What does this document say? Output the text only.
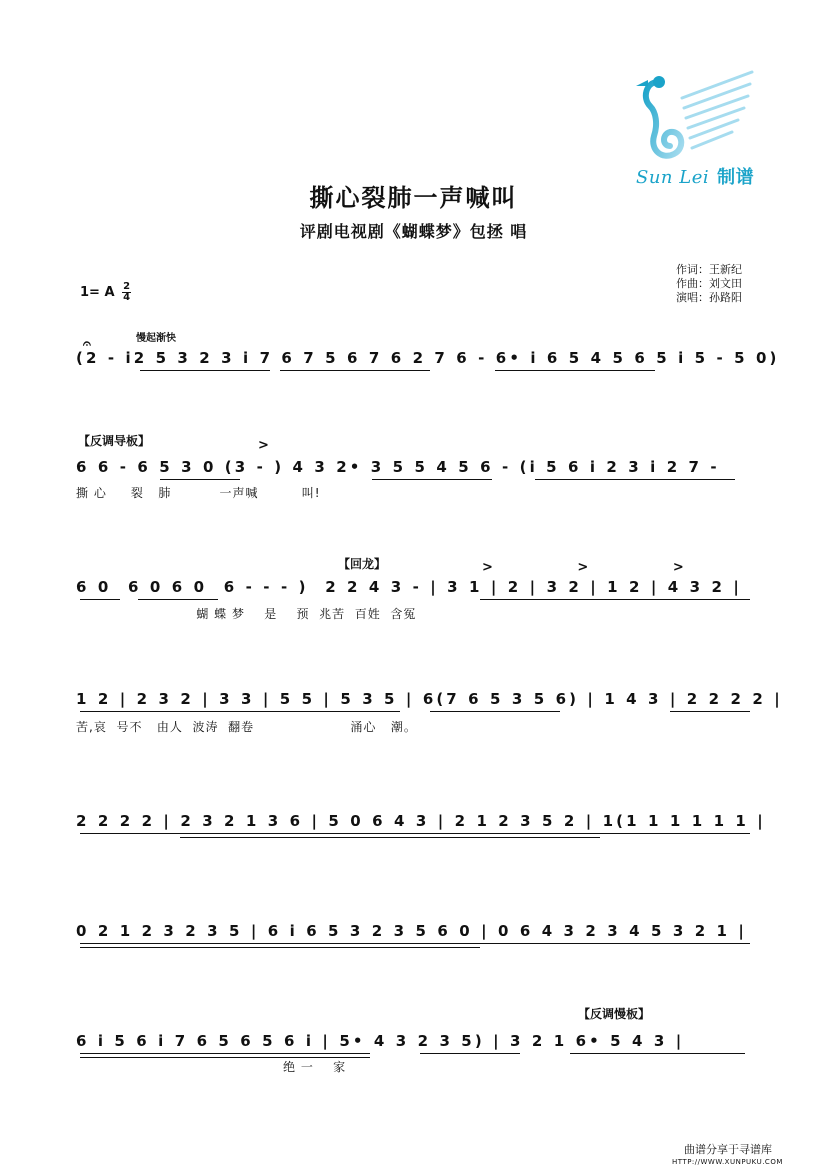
Sun Lei 制谱
撕心裂肺一声喊叫
评剧电视剧《蝴蝶梦》包拯 唱
作词：王新纪
作曲：刘文田
演唱：孙路阳
1= A $\frac{2}{4}$
慢起渐快
𝄐
(2 - i2 5 3 2 3 i 7 6 7 5 6 7 6 2 7 6 - 6• i 6 5 4 5 6 5 i 5 - 5 0)
【反调导板】	>
6 6 - 6 5 3 0 (3 - ) 4 3 2• 3 5 5 4 5 6 - (i 5 6 i 2 3 i 2 7 -
撕 心     裂   肺          一声喊         叫!
【回龙】	> > >
6 0  6 0 6 0  6 - - - )  2 2 4 3 - | 3 1 | 2 | 3 2 | 1 2 | 4 3 2 |
蝴 蝶 梦    是    预  兆苦  百姓  含冤
1 2 | 2 3 2 | 3 3 | 5 5 | 5 3 5 | 6(7 6 5 3 5 6) | 1 4 3 | 2 2 2 2 |
苦,哀  号不   由人  波涛  翻卷                    涌心   潮。
2 2 2 2 | 2 3 2 1 3 6 | 5 0 6 4 3 | 2 1 2 3 5 2 | 1(1 1 1 1 1 1 |
0 2 1 2 3 2 3 5 | 6 i 6 5 3 2 3 5 6 0 | 0 6 4 3 2 3 4 5 3 2 1 |
【反调慢板】
6 i 5 6 i 7 6 5 6 5 6 i | 5• 4 3 2 3 5) | 3 2 1 6• 5 4 3 |
绝 一    家
曲谱分享于寻谱库
HTTP://WWW.XUNPUKU.COM
